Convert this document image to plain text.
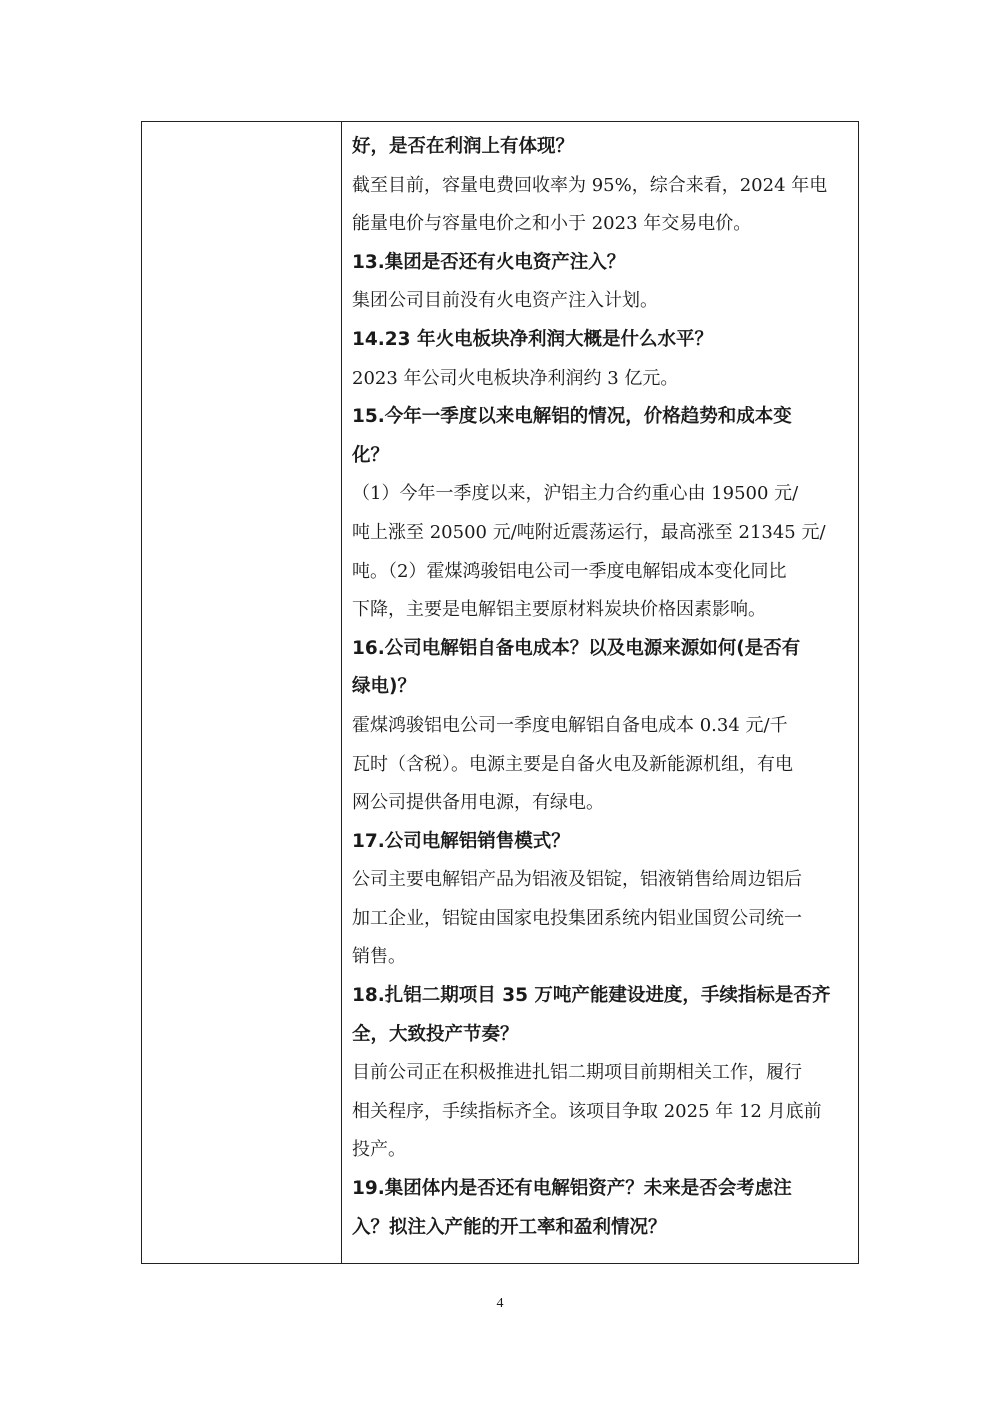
好，是否在利润上有体现？
截至目前，容量电费回收率为 95%，综合来看，2024 年电
能量电价与容量电价之和小于 2023 年交易电价。
13.集团是否还有火电资产注入？
集团公司目前没有火电资产注入计划。
14.23 年火电板块净利润大概是什么水平？
2023 年公司火电板块净利润约 3 亿元。
15.今年一季度以来电解铝的情况，价格趋势和成本变
化？
（1）今年一季度以来，沪铝主力合约重心由 19500 元/
吨上涨至 20500 元/吨附近震荡运行，最高涨至 21345 元/
吨。（2）霍煤鸿骏铝电公司一季度电解铝成本变化同比
下降，主要是电解铝主要原材料炭块价格因素影响。
16.公司电解铝自备电成本？以及电源来源如何(是否有
绿电)？
霍煤鸿骏铝电公司一季度电解铝自备电成本 0.34 元/千
瓦时（含税）。电源主要是自备火电及新能源机组，有电
网公司提供备用电源，有绿电。
17.公司电解铝销售模式？
公司主要电解铝产品为铝液及铝锭，铝液销售给周边铝后
加工企业，铝锭由国家电投集团系统内铝业国贸公司统一
销售。
18.扎铝二期项目 35 万吨产能建设进度，手续指标是否齐
全，大致投产节奏？
目前公司正在积极推进扎铝二期项目前期相关工作，履行
相关程序，手续指标齐全。该项目争取 2025 年 12 月底前
投产。
19.集团体内是否还有电解铝资产？未来是否会考虑注
入？拟注入产能的开工率和盈利情况？
4
